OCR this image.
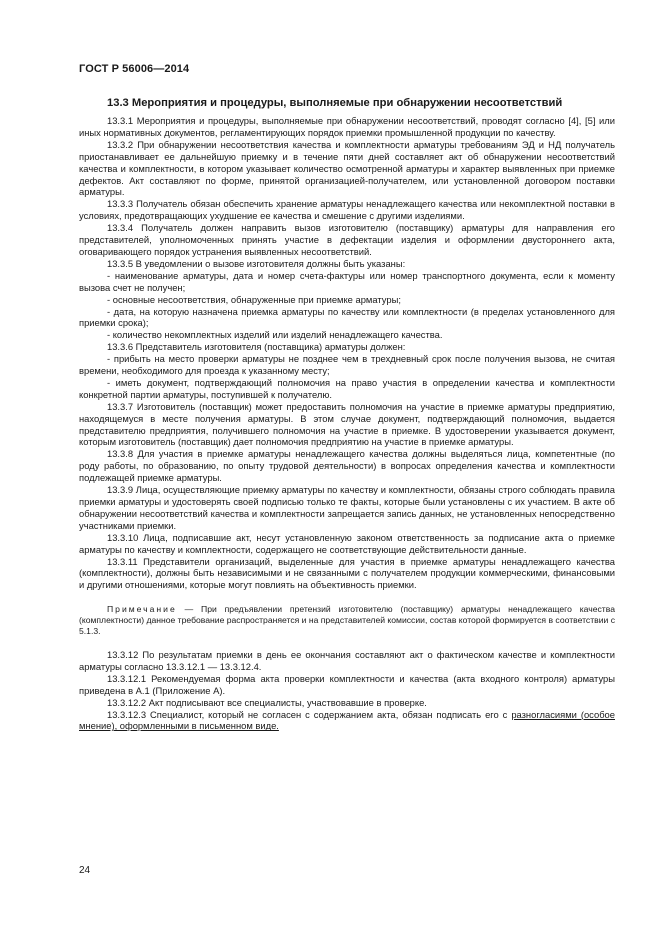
ГОСТ Р 56006—2014
13.3 Мероприятия и процедуры, выполняемые при обнаружении несоответствий

13.3.1 Мероприятия и процедуры, выполняемые при обнаружении несоответствий, проводят согласно [4], [5] или иных нормативных документов, регламентирующих порядок приемки промышленной продукции по качеству.

13.3.2 При обнаружении несоответствия качества и комплектности арматуры требованиям ЭД и НД получатель приостанавливает ее дальнейшую приемку и в течение пяти дней составляет акт об обнаружении несоответствий качества и комплектности, в котором указывает количество осмотренной арматуры и характер выявленных при приемке дефектов. Акт составляют по форме, принятой организацией-получателем, или установленной договором поставки арматуры.

13.3.3 Получатель обязан обеспечить хранение арматуры ненадлежащего качества или некомплектной поставки в условиях, предотвращающих ухудшение ее качества и смешение с другими изделиями.

13.3.4 Получатель должен направить вызов изготовителю (поставщику) арматуры для направления его представителей, уполномоченных принять участие в дефектации изделия и оформлении двустороннего акта, оговаривающего порядок устранения выявленных несоответствий.

13.3.5 В уведомлении о вызове изготовителя должны быть указаны:

- наименование арматуры, дата и номер счета-фактуры или номер транспортного документа, если к моменту вызова счет не получен;

- основные несоответствия, обнаруженные при приемке арматуры;

- дата, на которую назначена приемка арматуры по качеству или комплектности (в пределах установленного для приемки срока);

- количество некомплектных изделий или изделий ненадлежащего качества.

13.3.6 Представитель изготовителя (поставщика) арматуры должен:

- прибыть на место проверки арматуры не позднее чем в трехдневный срок после получения вызова, не считая времени, необходимого для проезда к указанному месту;

- иметь документ, подтверждающий полномочия на право участия в определении качества и комплектности конкретной партии арматуры, поступившей к получателю.

13.3.7 Изготовитель (поставщик) может предоставить полномочия на участие в приемке арматуры предприятию, находящемуся в месте получения арматуры. В этом случае документ, подтверждающий полномочия, выдается представителю предприятия, получившего полномочия на участие в приемке. В удостоверении указывается документ, которым изготовитель (поставщик) дает полномочия предприятию на участие в приемке арматуры.

13.3.8 Для участия в приемке арматуры ненадлежащего качества должны выделяться лица, компетентные (по роду работы, по образованию, по опыту трудовой деятельности) в вопросах определения качества и комплектности подлежащей приемке арматуры.

13.3.9 Лица, осуществляющие приемку арматуры по качеству и комплектности, обязаны строго соблюдать правила приемки арматуры и удостоверять своей подписью только те факты, которые были установлены с их участием. В акте об обнаружении несоответствий качества и комплектности запрещается запись данных, не установленных непосредственно участниками приемки.

13.3.10 Лица, подписавшие акт, несут установленную законом ответственность за подписание акта о приемке арматуры по качеству и комплектности, содержащего не соответствующие действительности данные.

13.3.11 Представители организаций, выделенные для участия в приемке арматуры ненадлежащего качества (комплектности), должны быть независимыми и не связанными с получателем продукции коммерческими, финансовыми и другими отношениями, которые могут повлиять на объективность приемки.

Примечание — При предъявлении претензий изготовителю (поставщику) арматуры ненадлежащего качества (комплектности) данное требование распространяется и на представителей комиссии, состав которой формируется в соответствии с 5.1.3.

13.3.12 По результатам приемки в день ее окончания составляют акт о фактическом качестве и комплектности арматуры согласно 13.3.12.1 — 13.3.12.4.

13.3.12.1 Рекомендуемая форма акта проверки комплектности и качества (акта входного контроля) арматуры приведена в А.1 (Приложение А).

13.3.12.2 Акт подписывают все специалисты, участвовавшие в проверке.

13.3.12.3 Специалист, который не согласен с содержанием акта, обязан подписать его с разногласиями (особое мнение), оформленными в письменном виде.

24
